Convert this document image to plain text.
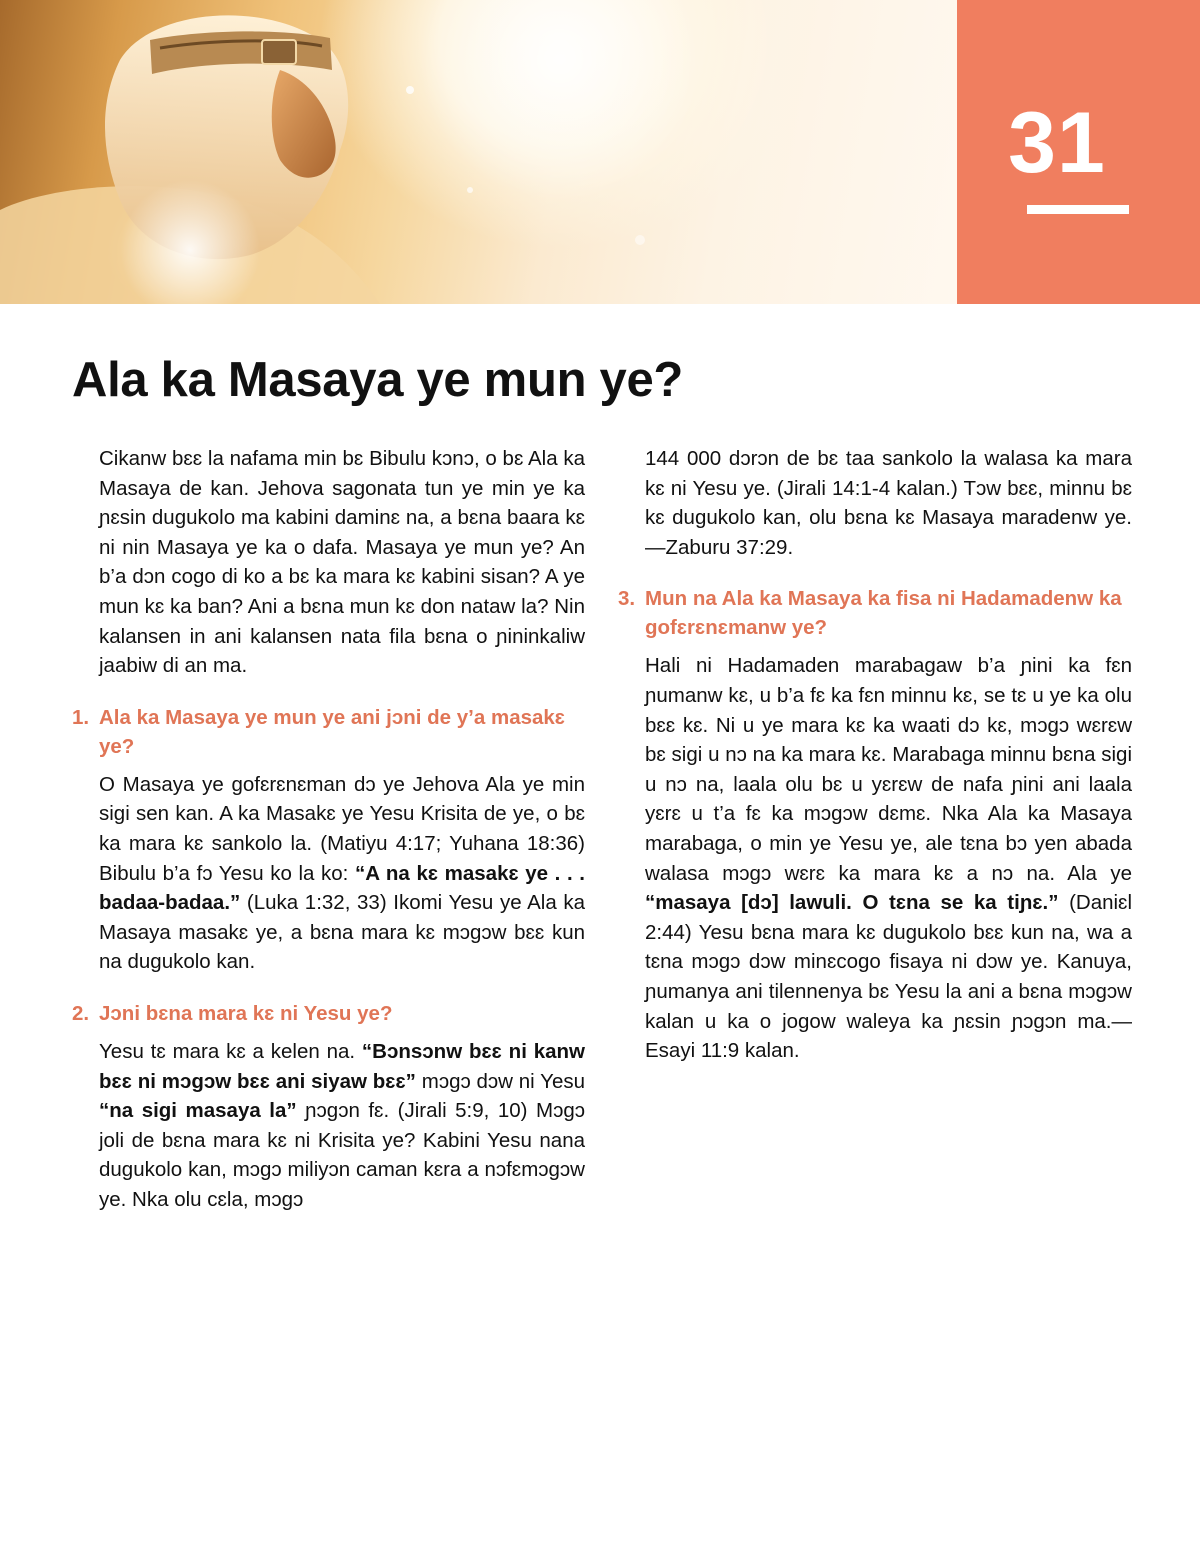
31
Ala ka Masaya ye mun ye?

Cikanw bɛɛ la nafama min bɛ Bibulu kɔnɔ, o bɛ Ala ka Masaya de kan. Jehova sagonata tun ye min ye ka ɲɛsin dugukolo ma kabini daminɛ na, a bɛna baara kɛ ni nin Masaya ye ka o dafa. Masaya ye mun ye? An b’a dɔn cogo di ko a bɛ ka mara kɛ kabini sisan? A ye mun kɛ ka ban? Ani a bɛna mun kɛ don nataw la? Nin kalansen in ani kalansen nata fila bɛna o ɲininkaliw jaabiw di an ma.

1. Ala ka Masaya ye mun ye ani jɔni de y’a masakɛ ye?

O Masaya ye gofɛrɛnɛman dɔ ye Jehova Ala ye min sigi sen kan. A ka Masakɛ ye Yesu Krisita de ye, o bɛ ka mara kɛ sankolo la. (Matiyu 4:17; Yuhana 18:36) Bibulu b’a fɔ Yesu ko la ko: “A na kɛ masakɛ ye . . . badaa-badaa.” (Luka 1:32, 33) Ikomi Yesu ye Ala ka Masaya masakɛ ye, a bɛna mara kɛ mɔgɔw bɛɛ kun na dugukolo kan.

2. Jɔni bɛna mara kɛ ni Yesu ye?

Yesu tɛ mara kɛ a kelen na. “Bɔnsɔnw bɛɛ ni kanw bɛɛ ni mɔgɔw bɛɛ ani siyaw bɛɛ” mɔgɔ dɔw ni Yesu “na sigi masaya la” ɲɔgɔn fɛ. (Jirali 5:9, 10) Mɔgɔ joli de bɛna mara kɛ ni Krisita ye? Kabini Yesu nana dugukolo kan, mɔgɔ miliyɔn caman kɛra a nɔfɛmɔgɔw ye. Nka olu cɛla, mɔgɔ

144 000 dɔrɔn de bɛ taa sankolo la walasa ka mara kɛ ni Yesu ye. (Jirali 14:1-4 kalan.) Tɔw bɛɛ, minnu bɛ kɛ dugukolo kan, olu bɛna kɛ Masaya maradenw ye.—Zaburu 37:29.

3. Mun na Ala ka Masaya ka fisa ni Hadamadenw ka gofɛrɛnɛmanw ye?

Hali ni Hadamaden marabagaw b’a ɲini ka fɛn ɲumanw kɛ, u b’a fɛ ka fɛn minnu kɛ, se tɛ u ye ka olu bɛɛ kɛ. Ni u ye mara kɛ ka waati dɔ kɛ, mɔgɔ wɛrɛw bɛ sigi u nɔ na ka mara kɛ. Marabaga minnu bɛna sigi u nɔ na, laala olu bɛ u yɛrɛw de nafa ɲini ani laala yɛrɛ u t’a fɛ ka mɔgɔw dɛmɛ. Nka Ala ka Masaya marabaga, o min ye Yesu ye, ale tɛna bɔ yen abada walasa mɔgɔ wɛrɛ ka mara kɛ a nɔ na. Ala ye “masaya [dɔ] lawuli. O tɛna se ka tiɲɛ.” (Daniɛl 2:44) Yesu bɛna mara kɛ dugukolo bɛɛ kun na, wa a tɛna mɔgɔ dɔw minɛcogo fisaya ni dɔw ye. Kanuya, ɲumanya ani tilennenya bɛ Yesu la ani a bɛna mɔgɔw kalan u ka o jogow waleya ka ɲɛsin ɲɔgɔn ma.—Esayi 11:9 kalan.
